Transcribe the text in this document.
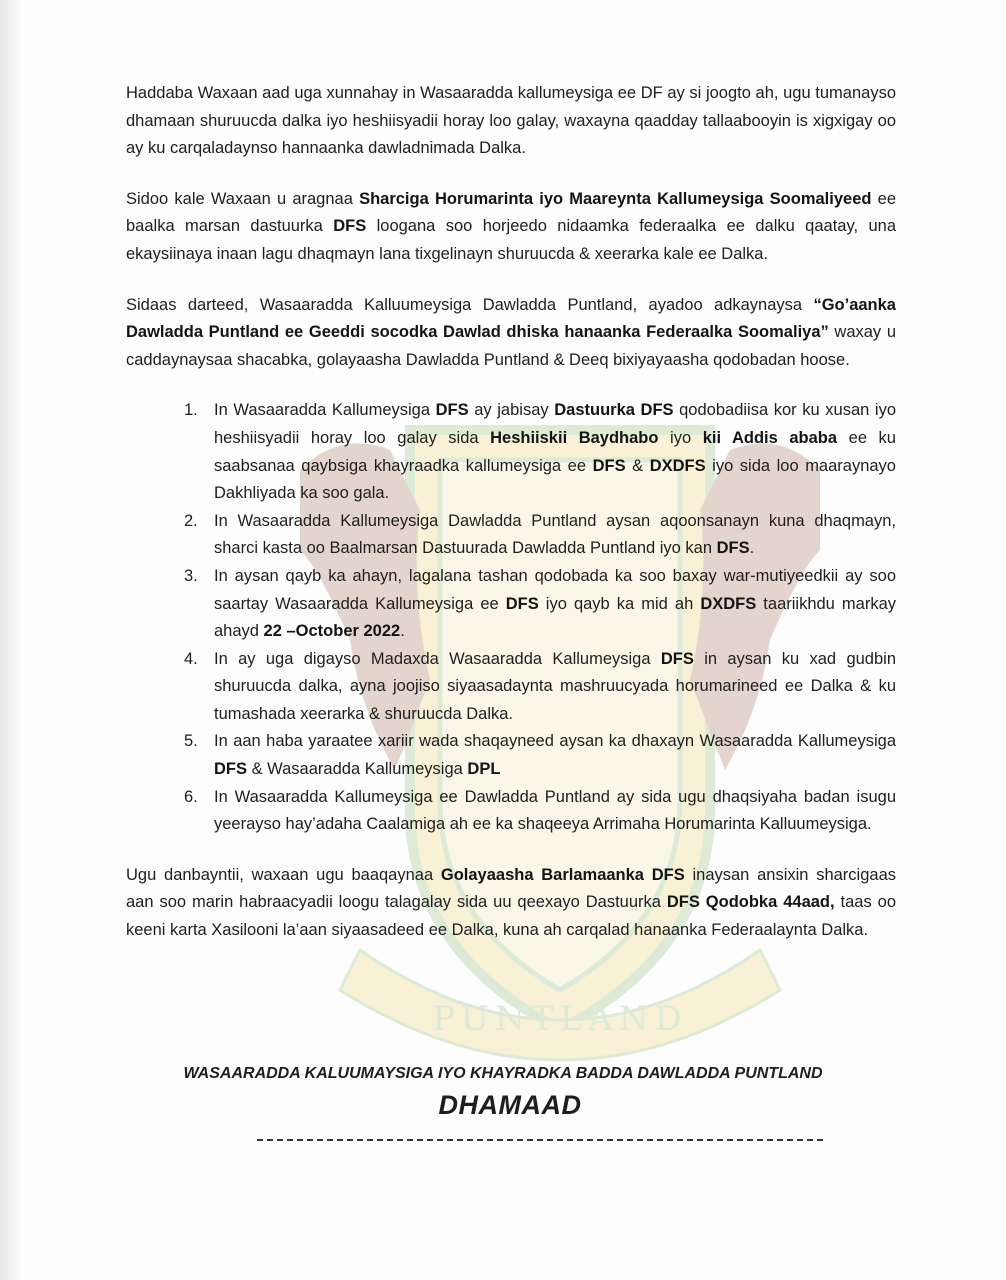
PUNTLAND

Haddaba Waxaan aad uga xunnahay in Wasaaradda kallumeysiga ee DF ay si joogto ah, ugu tumanayso dhamaan shuruucda dalka iyo heshiisyadii horay loo galay, waxayna qaadday tallaabooyin is xigxigay oo ay ku carqaladaynso hannaanka dawladnimada Dalka.

Sidoo kale Waxaan u aragnaa Sharciga Horumarinta iyo Maareynta Kallumeysiga Soomaliyeed ee baalka marsan dastuurka DFS loogana soo horjeedo nidaamka federaalka ee dalku qaatay, una ekaysiinaya inaan lagu dhaqmayn lana tixgelinayn shuruucda & xeerarka kale ee Dalka.

Sidaas darteed, Wasaaradda Kalluumeysiga Dawladda Puntland, ayadoo adkaynaysa “Go’aanka Dawladda Puntland ee Geeddi socodka Dawlad dhiska hanaanka Federaalka Soomaliya” waxay u caddaynaysaa shacabka, golayaasha Dawladda Puntland & Deeq bixiyayaasha qodobadan hoose.

1. In Wasaaradda Kallumeysiga DFS ay jabisay Dastuurka DFS qodobadiisa kor ku xusan iyo heshiisyadii horay loo galay sida Heshiiskii Baydhabo iyo kii Addis ababa ee ku saabsanaa qaybsiga khayraadka kallumeysiga ee DFS & DXDFS iyo sida loo maaraynayo Dakhliyada ka soo gala.
2. In Wasaaradda Kallumeysiga Dawladda Puntland aysan aqoonsanayn kuna dhaqmayn, sharci kasta oo Baalmarsan Dastuurada Dawladda Puntland iyo kan DFS.
3. In aysan qayb ka ahayn, lagalana tashan qodobada ka soo baxay war-mutiyeedkii ay soo saartay Wasaaradda Kallumeysiga ee DFS iyo qayb ka mid ah DXDFS taariikhdu markay ahayd 22 –October 2022.
4. In ay uga digayso Madaxda Wasaaradda Kallumeysiga DFS in aysan ku xad gudbin shuruucda dalka, ayna joojiso siyaasadaynta mashruucyada horumarineed ee Dalka & ku tumashada xeerarka & shuruucda Dalka.
5. In aan haba yaraatee xariir wada shaqayneed aysan ka dhaxayn Wasaaradda Kallumeysiga DFS & Wasaaradda Kallumeysiga DPL
6. In Wasaaradda Kallumeysiga ee Dawladda Puntland ay sida ugu dhaqsiyaha badan isugu yeerayso hay’adaha Caalamiga ah ee ka shaqeeya Arrimaha Horumarinta Kalluumeysiga.

Ugu danbayntii, waxaan ugu baaqaynaa Golayaasha Barlamaanka DFS inaysan ansixin sharcigaas aan soo marin habraacyadii loogu talagalay sida uu qeexayo Dastuurka DFS Qodobka 44aad, taas oo keeni karta Xasilooni la’aan siyaasadeed ee Dalka, kuna ah carqalad hanaanka Federaalaynta Dalka.

WASAARADDA KALUUMAYSIGA IYO KHAYRADKA BADDA DAWLADDA PUNTLAND
DHAMAAD
